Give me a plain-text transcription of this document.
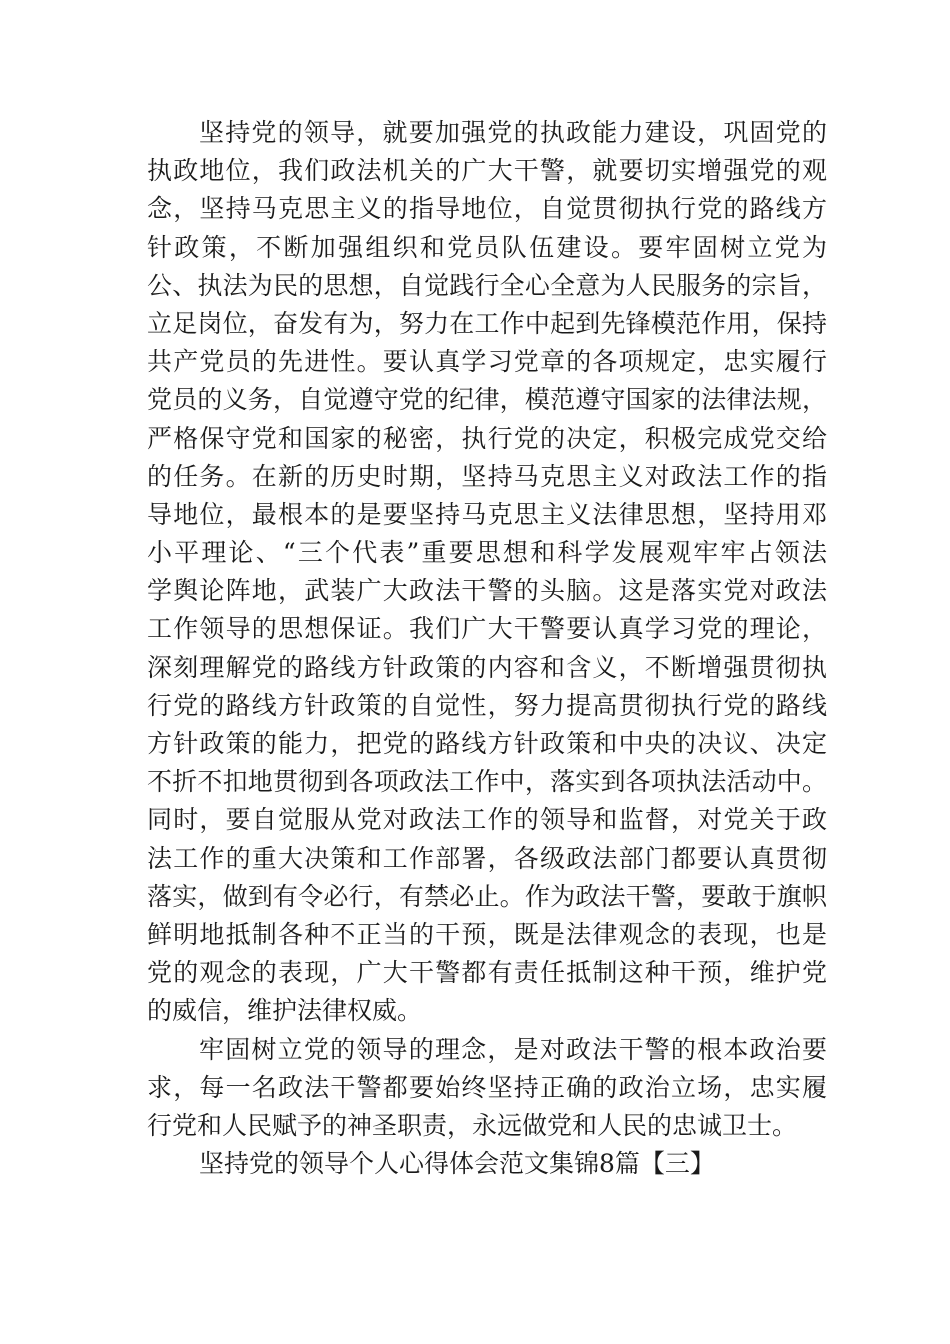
坚持党的领导，就要加强党的执政能力建设，巩固党的
执政地位，我们政法机关的广大干警，就要切实增强党的观
念，坚持马克思主义的指导地位，自觉贯彻执行党的路线方
针政策，不断加强组织和党员队伍建设。要牢固树立党为
公、执法为民的思想，自觉践行全心全意为人民服务的宗旨，
立足岗位，奋发有为，努力在工作中起到先锋模范作用，保持
共产党员的先进性。要认真学习党章的各项规定，忠实履行
党员的义务，自觉遵守党的纪律，模范遵守国家的法律法规，
严格保守党和国家的秘密，执行党的决定，积极完成党交给
的任务。在新的历史时期，坚持马克思主义对政法工作的指
导地位，最根本的是要坚持马克思主义法律思想，坚持用邓
小平理论、“三个代表”重要思想和科学发展观牢牢占领法
学舆论阵地，武装广大政法干警的头脑。这是落实党对政法
工作领导的思想保证。我们广大干警要认真学习党的理论，
深刻理解党的路线方针政策的内容和含义，不断增强贯彻执
行党的路线方针政策的自觉性，努力提高贯彻执行党的路线
方针政策的能力，把党的路线方针政策和中央的决议、决定
不折不扣地贯彻到各项政法工作中，落实到各项执法活动中。
同时，要自觉服从党对政法工作的领导和监督，对党关于政
法工作的重大决策和工作部署，各级政法部门都要认真贯彻
落实，做到有令必行，有禁必止。作为政法干警，要敢于旗帜
鲜明地抵制各种不正当的干预，既是法律观念的表现，也是
党的观念的表现，广大干警都有责任抵制这种干预，维护党
的威信，维护法律权威。
牢固树立党的领导的理念，是对政法干警的根本政治要
求，每一名政法干警都要始终坚持正确的政治立场，忠实履
行党和人民赋予的神圣职责，永远做党和人民的忠诚卫士。
坚持党的领导个人心得体会范文集锦8篇【三】
